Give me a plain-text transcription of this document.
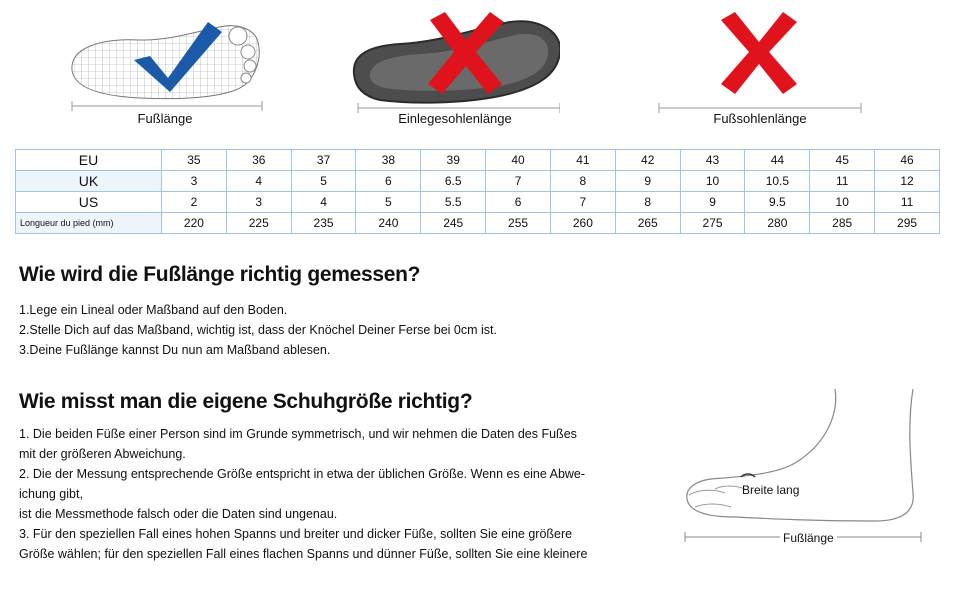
Fußlänge	Einlegesohlenlänge	Fußsohlenlänge
EU	35	36	37	38	39	40	41	42	43	44	45	46
UK	3	4	5	6	6.5	7	8	9	10	10.5	11	12
US	2	3	4	5	5.5	6	7	8	9	9.5	10	11
Longueur du pied (mm)	220	225	235	240	245	255	260	265	275	280	285	295
Wie wird die Fußlänge richtig gemessen?
1.Lege ein Lineal oder Maßband auf den Boden.
2.Stelle Dich auf das Maßband, wichtig ist, dass der Knöchel Deiner Ferse bei 0cm ist.
3.Deine Fußlänge kannst Du nun am Maßband ablesen.
Wie misst man die eigene Schuhgröße richtig?
1. Die beiden Füße einer Person sind im Grunde symmetrisch, und wir nehmen die Daten des Fußes
mit der größeren Abweichung.
2. Die der Messung entsprechende Größe entspricht in etwa der üblichen Größe. Wenn es eine Abwe-
ichung gibt,
ist die Messmethode falsch oder die Daten sind ungenau.
3. Für den speziellen Fall eines hohen Spanns und breiter und dicker Füße, sollten Sie eine größere
Größe wählen; für den speziellen Fall eines flachen Spanns und dünner Füße, sollten Sie eine kleinere
Breite lang
Fußlänge
